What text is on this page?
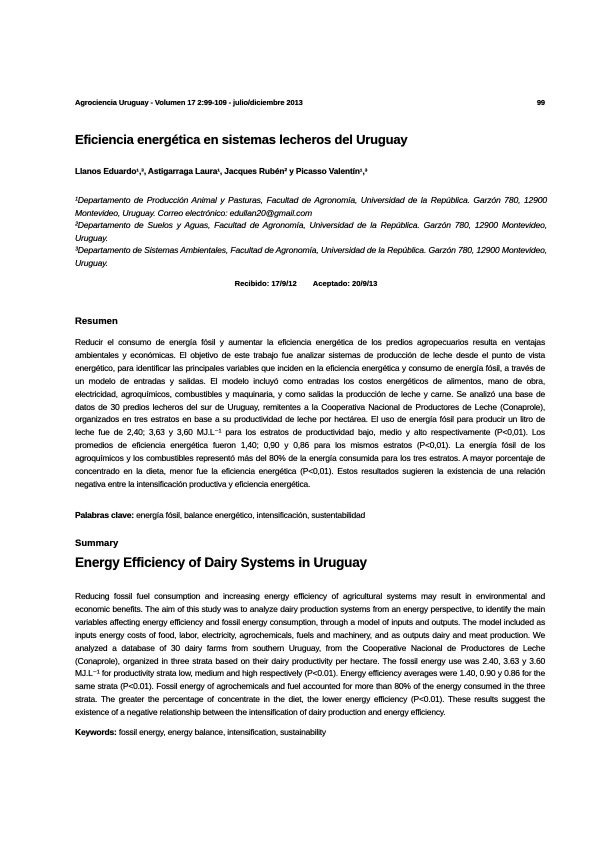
Agrociencia Uruguay - Volumen 17 2:99-109 - julio/diciembre 2013	99
Eficiencia energética en sistemas lecheros del Uruguay
Llanos Eduardo¹,³, Astigarraga Laura¹, Jacques Rubén² y Picasso Valentín¹,³

¹Departamento de Producción Animal y Pasturas, Facultad de Agronomía, Universidad de la República. Garzón 780, 12900 Montevideo, Uruguay. Correo electrónico: edullan20@gmail.com

²Departamento de Suelos y Aguas, Facultad de Agronomía, Universidad de la República. Garzón 780, 12900 Montevideo, Uruguay.

³Departamento de Sistemas Ambientales, Facultad de Agronomía, Universidad de la República. Garzón 780, 12900 Montevideo, Uruguay.

Recibido: 17/9/12 Aceptado: 20/9/13
Resumen
Reducir el consumo de energía fósil y aumentar la eficiencia energética de los predios agropecuarios resulta en ventajas ambientales y económicas. El objetivo de este trabajo fue analizar sistemas de producción de leche desde el punto de vista energético, para identificar las principales variables que inciden en la eficiencia energética y consumo de energía fósil, a través de un modelo de entradas y salidas. El modelo incluyó como entradas los costos energéticos de alimentos, mano de obra, electricidad, agroquímicos, combustibles y maquinaria, y como salidas la producción de leche y carne. Se analizó una base de datos de 30 predios lecheros del sur de Uruguay, remitentes a la Cooperativa Nacional de Productores de Leche (Conaprole), organizados en tres estratos en base a su productividad de leche por hectárea. El uso de energía fósil para producir un litro de leche fue de 2,40; 3,63 y 3,60 MJ.L⁻¹ para los estratos de productividad bajo, medio y alto respectivamente (P<0,01). Los promedios de eficiencia energética fueron 1,40; 0,90 y 0,86 para los mismos estratos (P<0,01). La energía fósil de los agroquímicos y los combustibles representó más del 80% de la energía consumida para los tres estratos. A mayor porcentaje de concentrado en la dieta, menor fue la eficiencia energética (P<0,01). Estos resultados sugieren la existencia de una relación negativa entre la intensificación productiva y eficiencia energética.
Palabras clave: energía fósil, balance energético, intensificación, sustentabilidad
Summary
Energy Efficiency of Dairy Systems in Uruguay
Reducing fossil fuel consumption and increasing energy efficiency of agricultural systems may result in environmental and economic benefits. The aim of this study was to analyze dairy production systems from an energy perspective, to identify the main variables affecting energy efficiency and fossil energy consumption, through a model of inputs and outputs. The model included as inputs energy costs of food, labor, electricity, agrochemicals, fuels and machinery, and as outputs dairy and meat production. We analyzed a database of 30 dairy farms from southern Uruguay, from the Cooperative Nacional de Productores de Leche (Conaprole), organized in three strata based on their dairy productivity per hectare. The fossil energy use was 2.40, 3.63 y 3.60 MJ.L⁻¹ for productivity strata low, medium and high respectively (P<0.01). Energy efficiency averages were 1.40, 0.90 y 0.86 for the same strata (P<0.01). Fossil energy of agrochemicals and fuel accounted for more than 80% of the energy consumed in the three strata. The greater the percentage of concentrate in the diet, the lower energy efficiency (P<0.01). These results suggest the existence of a negative relationship between the intensification of dairy production and energy efficiency.
Keywords: fossil energy, energy balance, intensification, sustainability
